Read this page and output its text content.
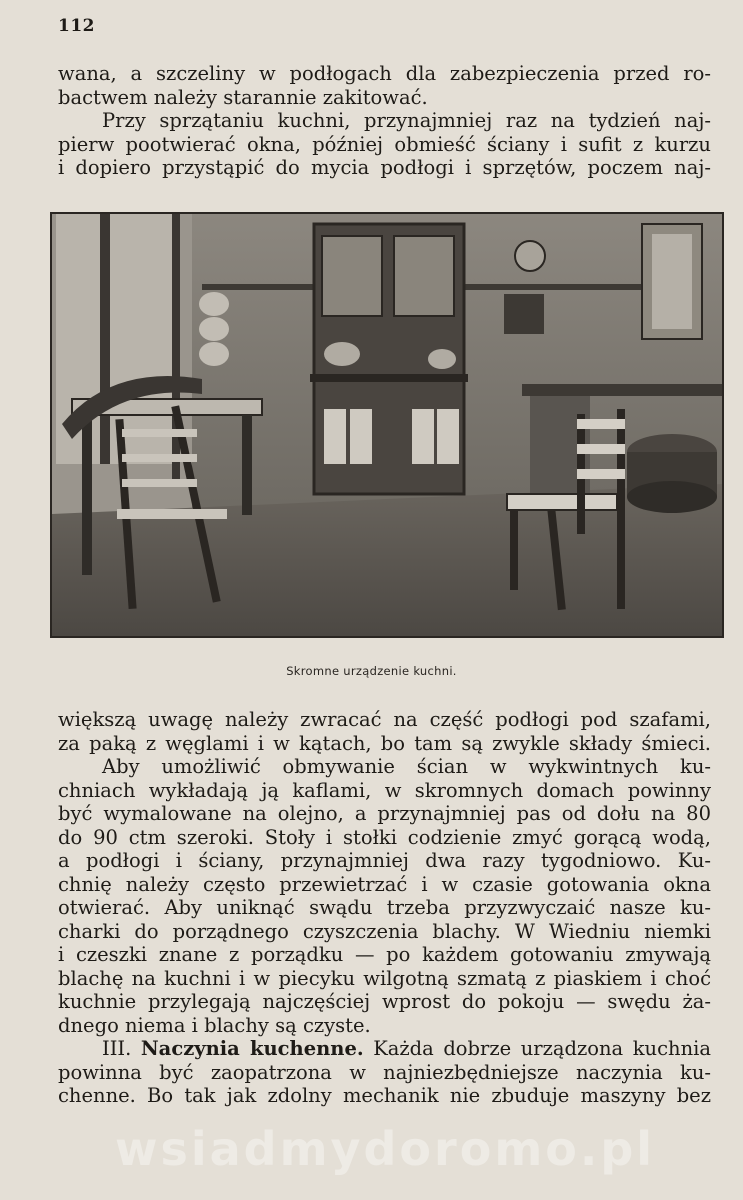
112
wana, a szczeliny w podłogach dla zabezpieczenia przed ro-
bactwem należy starannie zakitować.
Przy sprzątaniu kuchni, przynajmniej raz na tydzień naj-
pierw pootwierać okna, później obmieść ściany i sufit z kurzu
i dopiero przystąpić do mycia podłogi i sprzętów, poczem naj-
Skromne urządzenie kuchni.
większą uwagę należy zwracać na część podłogi pod szafami,
za paką z węglami i w kątach, bo tam są zwykle składy śmieci.
Aby umożliwić obmywanie ścian w wykwintnych ku-
chniach wykładają ją kaflami, w skromnych domach powinny
być wymalowane na olejno, a przynajmniej pas od dołu na 80
do 90 ctm szeroki. Stoły i stołki codzienie zmyć gorącą wodą,
a podłogi i ściany, przynajmniej dwa razy tygodniowo. Ku-
chnię należy często przewietrzać i w czasie gotowania okna
otwierać. Aby uniknąć swądu trzeba przyzwyczaić nasze ku-
charki do porządnego czyszczenia blachy. W Wiedniu niemki
i czeszki znane z porządku — po każdem gotowaniu zmywają
blachę na kuchni i w piecyku wilgotną szmatą z piaskiem i choć
kuchnie przylegają najczęściej wprost do pokoju — swędu ża-
dnego niema i blachy są czyste.
III. Naczynia kuchenne. Każda dobrze urządzona kuchnia
powinna być zaopatrzona w najniezbędniejsze naczynia ku-
chenne. Bo tak jak zdolny mechanik nie zbuduje maszyny bez
wsiadmydoromo.pl
